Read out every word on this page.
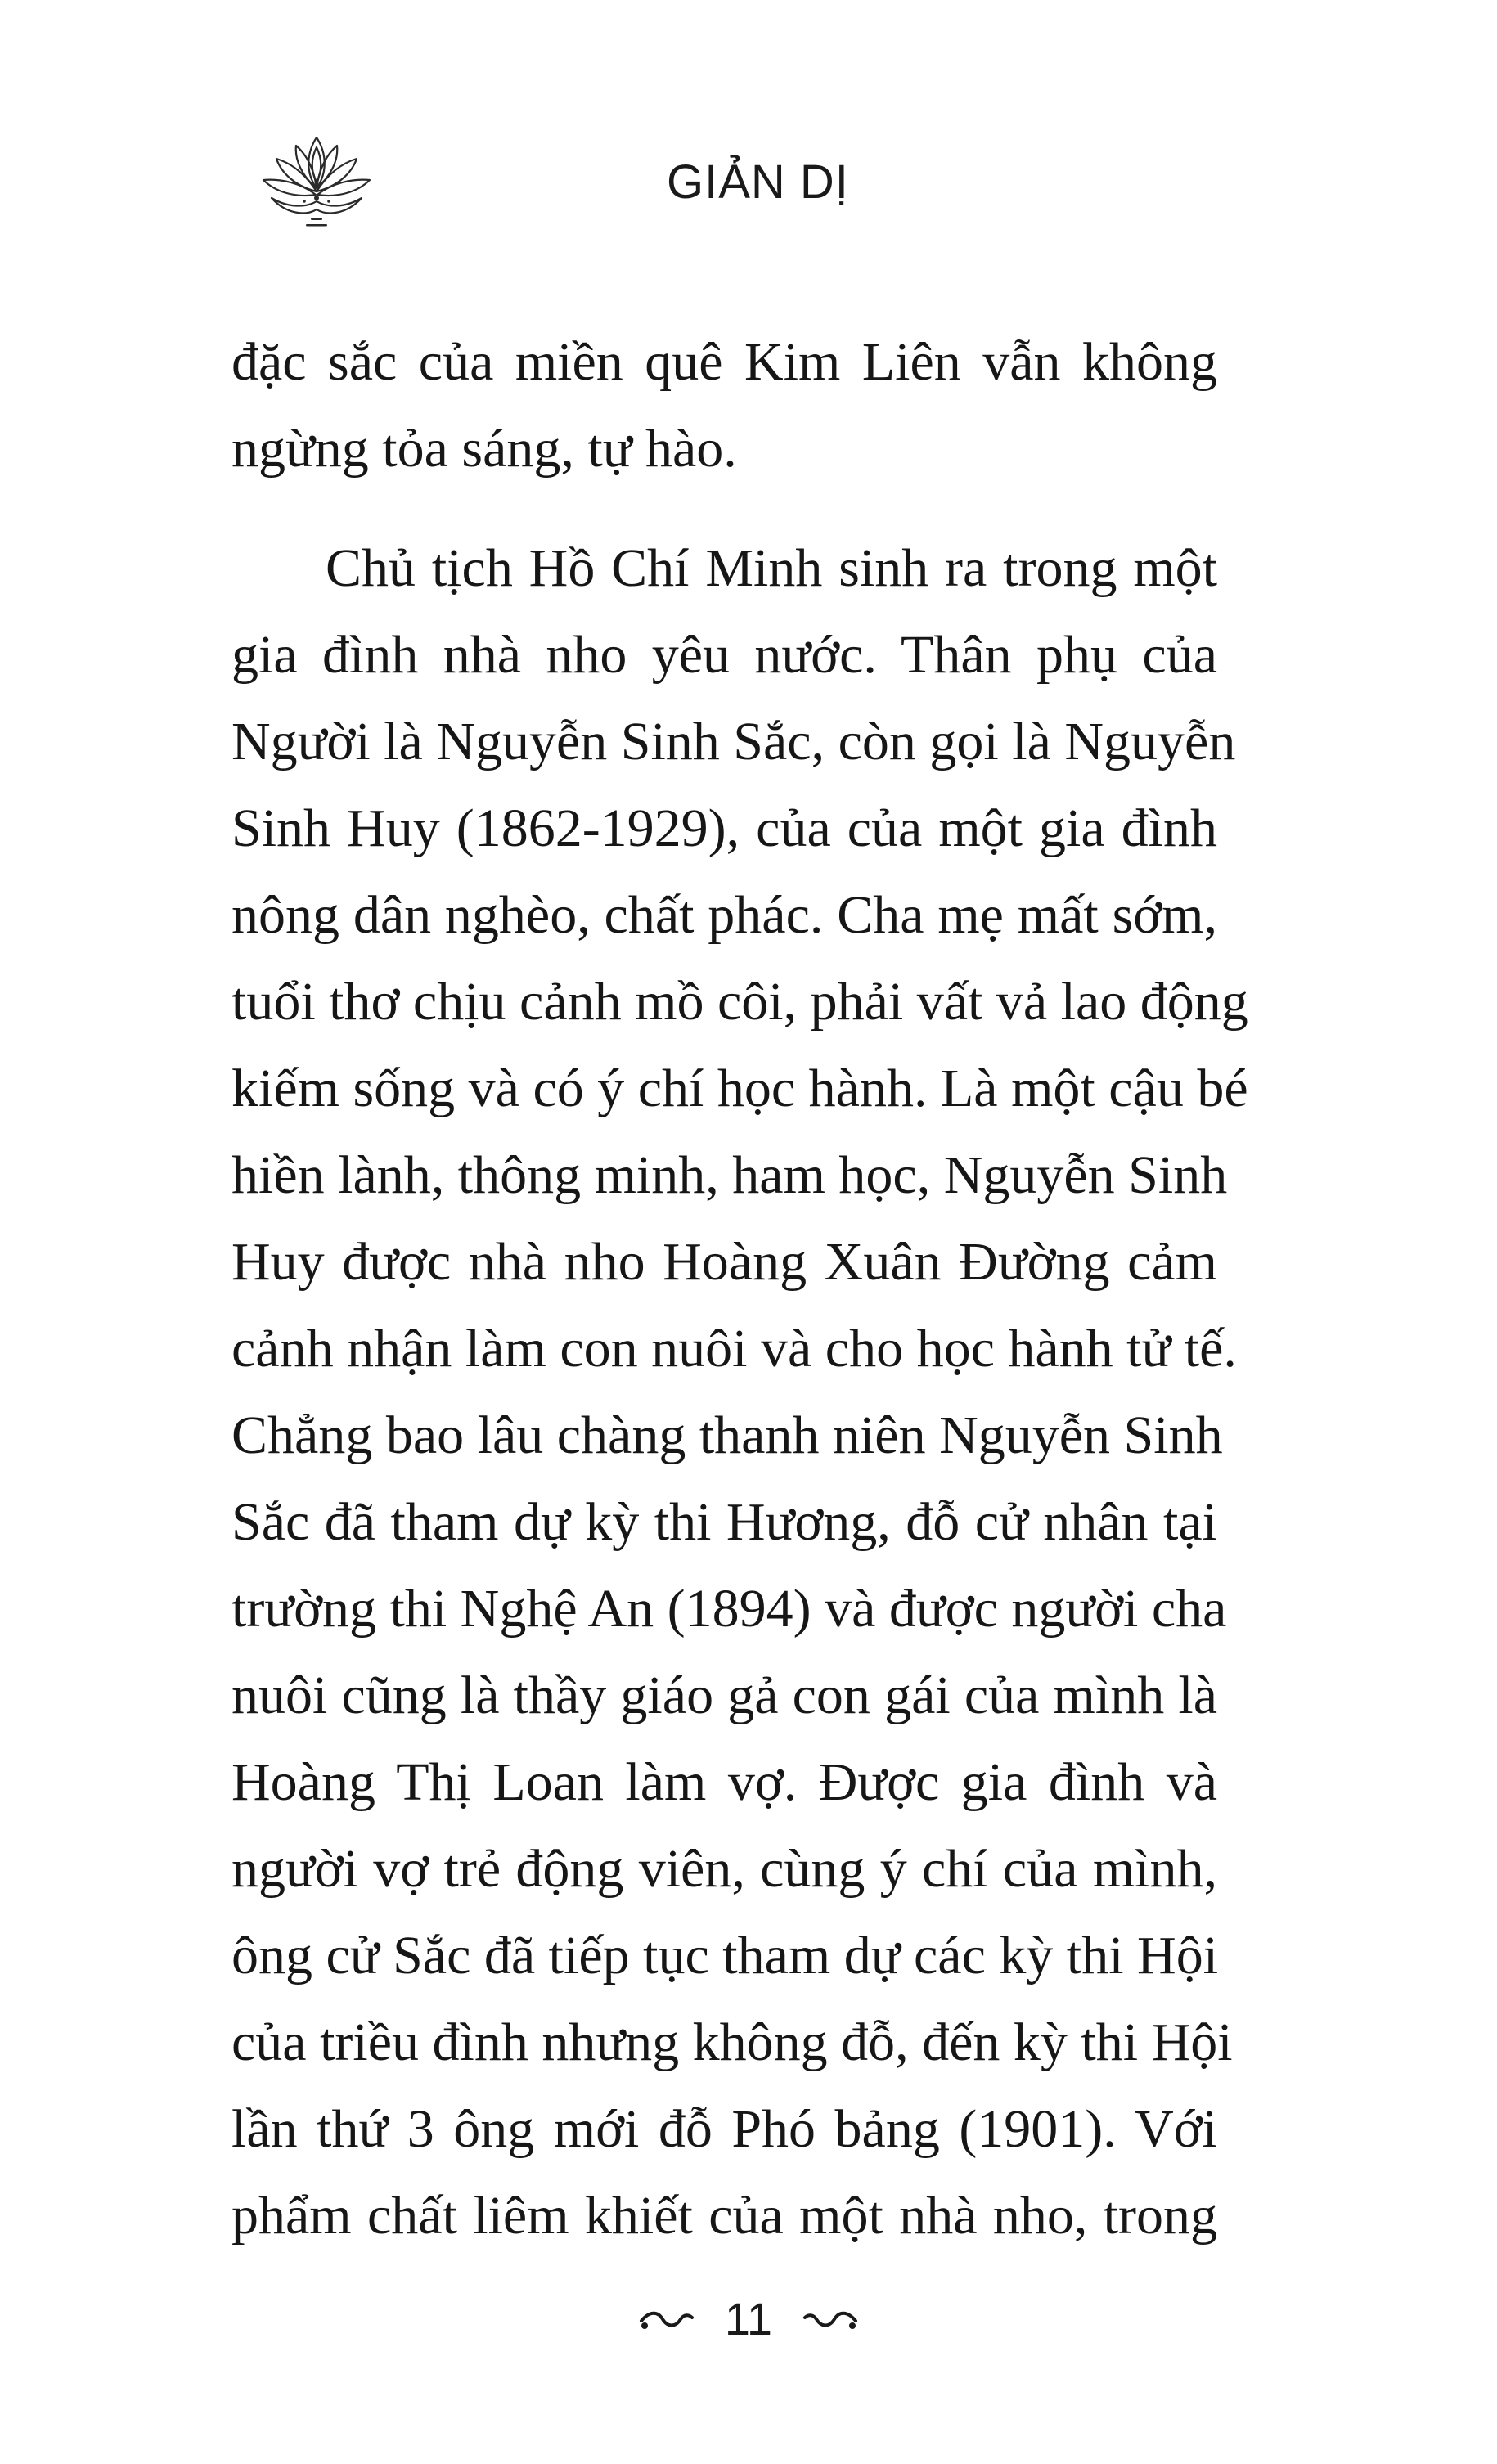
GIẢN DỊ
đặc sắc của miền quê Kim Liên vẫn không
ngừng tỏa sáng, tự hào.
Chủ tịch Hồ Chí Minh sinh ra trong một
gia đình nhà nho yêu nước. Thân phụ của
Người là Nguyễn Sinh Sắc, còn gọi là Nguyễn
Sinh Huy (1862-1929), của của một gia đình
nông dân nghèo, chất phác. Cha mẹ mất sớm,
tuổi thơ chịu cảnh mồ côi, phải vất vả lao động
kiếm sống và có ý chí học hành. Là một cậu bé
hiền lành, thông minh, ham học, Nguyễn Sinh
Huy được nhà nho Hoàng Xuân Đường cảm
cảnh nhận làm con nuôi và cho học hành tử tế.
Chẳng bao lâu chàng thanh niên Nguyễn Sinh
Sắc đã tham dự kỳ thi Hương, đỗ cử nhân tại
trường thi Nghệ An (1894) và được người cha
nuôi cũng là thầy giáo gả con gái của mình là
Hoàng Thị Loan làm vợ. Được gia đình và
người vợ trẻ động viên, cùng ý chí của mình,
ông cử Sắc đã tiếp tục tham dự các kỳ thi Hội
của triều đình nhưng không đỗ, đến kỳ thi Hội
lần thứ 3 ông mới đỗ Phó bảng (1901). Với
phẩm chất liêm khiết của một nhà nho, trong
11
